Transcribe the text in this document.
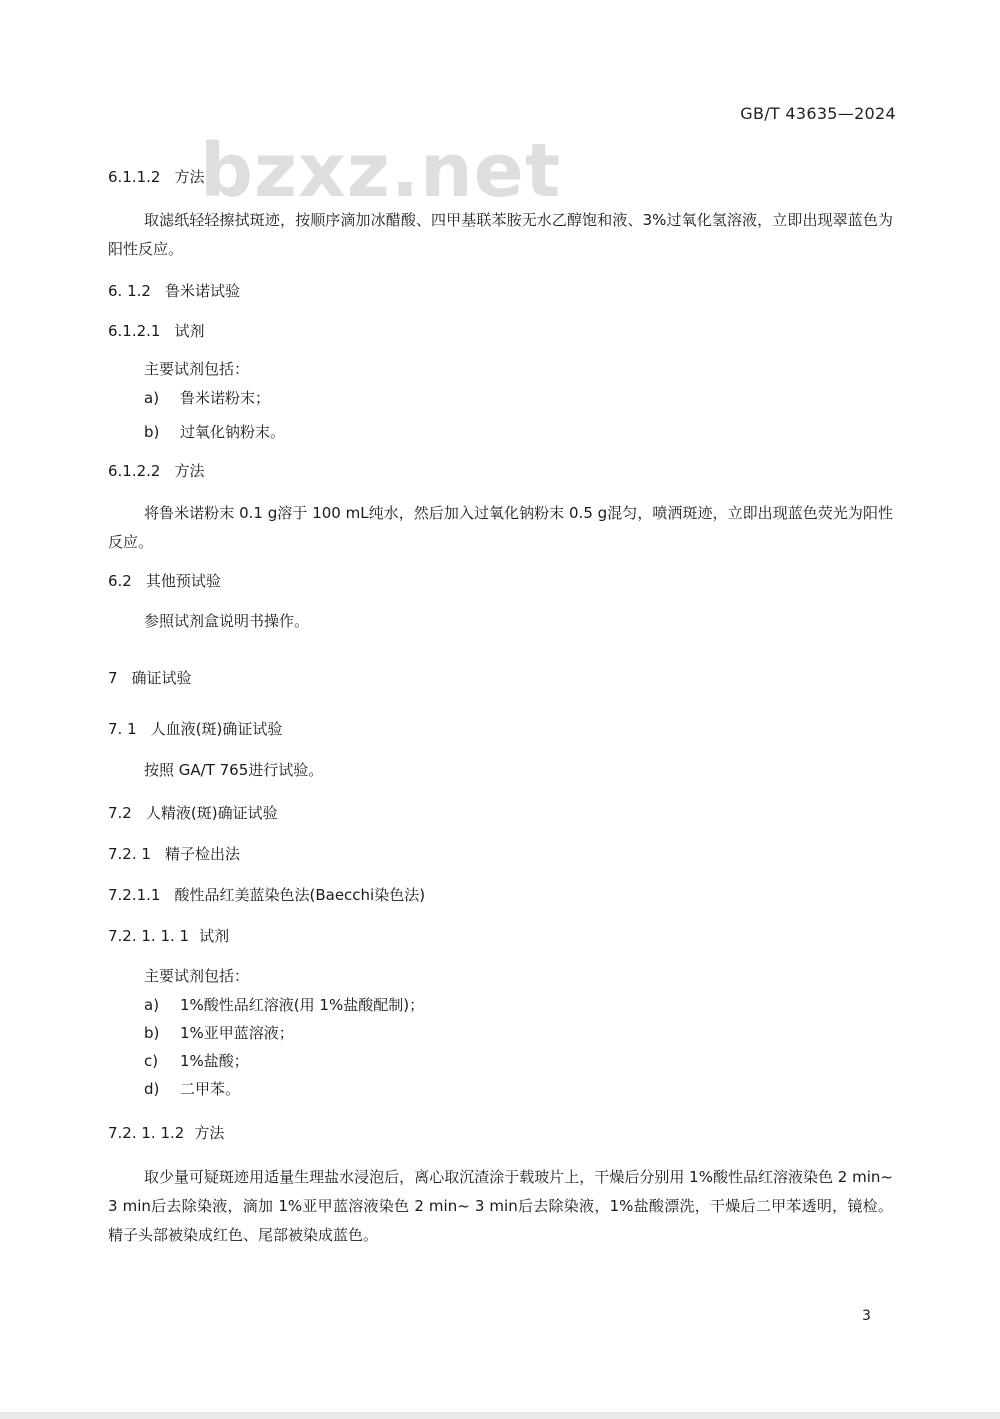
bzxz.net
GB/T 43635—2024
6.1.1.2 方法
取滤纸轻轻擦拭斑迹，按顺序滴加冰醋酸、四甲基联苯胺无水乙醇饱和液、3%过氧化氢溶液，立即出现翠蓝色为阳性反应。
6. 1.2 鲁米诺试验
6.1.2.1 试剂
主要试剂包括：
a) 鲁米诺粉末；
b) 过氧化钠粉末。
6.1.2.2 方法
将鲁米诺粉末 0.1 g溶于 100 mL纯水，然后加入过氧化钠粉末 0.5 g混匀，喷洒斑迹，立即出现蓝色荧光为阳性反应。
6.2 其他预试验
参照试剂盒说明书操作。
7 确证试验
7. 1 人血液(斑)确证试验
按照 GA/T 765进行试验。
7.2 人精液(斑)确证试验
7.2. 1 精子检出法
7.2.1.1 酸性品红美蓝染色法(Baecchi染色法)
7.2. 1. 1. 1 试剂
主要试剂包括：
a) 1%酸性品红溶液(用 1%盐酸配制)；
b) 1%亚甲蓝溶液；
c) 1%盐酸；
d) 二甲苯。
7.2. 1. 1.2 方法
取少量可疑斑迹用适量生理盐水浸泡后，离心取沉渣涂于载玻片上，干燥后分别用 1%酸性品红溶液染色 2 min~ 3 min后去除染液，滴加 1%亚甲蓝溶液染色 2 min~ 3 min后去除染液，1%盐酸漂洗，干燥后二甲苯透明，镜检。精子头部被染成红色、尾部被染成蓝色。
3
